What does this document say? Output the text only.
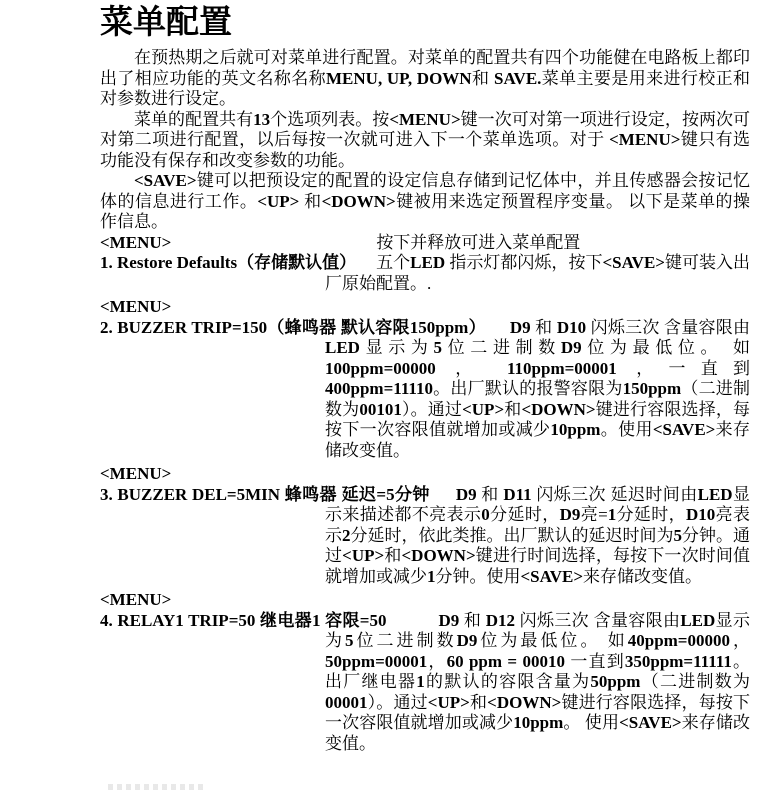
菜单配置

在预热期之后就可对菜单进行配置。对菜单的配置共有四个功能健在电路板上都印出了相应功能的英文名称名称MENU, UP, DOWN和 SAVE.菜单主要是用来进行校正和对参数进行设定。

菜单的配置共有13个选项列表。按<MENU>键一次可对第一项进行设定，按两次可对第二项进行配置，以后每按一次就可进入下一个菜单选项。对于 <MENU>键只有选功能没有保存和改变参数的功能。

<SAVE>键可以把预设定的配置的设定信息存储到记忆体中，并且传感器会按记忆体的信息进行工作。<UP> 和<DOWN>键被用来选定预置程序变量。 以下是菜单的操作信息。

<MENU>	按下并释放可进入菜单配置
1. Restore Defaults（存储默认值） 五个LED 指示灯都闪烁，按下<SAVE>键可装入出厂原始配置。.
<MENU>
2. BUZZER TRIP=150（蜂鸣器 默认容限150ppm） D9 和 D10 闪烁三次 含量容限由LED显示为5位二进制数D9位为最低位。 如100ppm=00000 ， 110ppm=00001 ，一直到400ppm=11110。出厂默认的报警容限为150ppm（二进制数为00101）。通过<UP>和<DOWN>键进行容限选择，每按下一次容限值就增加或减少10ppm。使用<SAVE>来存储改变值。
<MENU>
3. BUZZER DEL=5MIN 蜂鸣器 延迟=5分钟 D9 和 D11 闪烁三次 延迟时间由LED显示来描述都不亮表示0分延时，D9亮=1分延时，D10亮表示2分延时，依此类推。出厂默认的延迟时间为5分钟。通过<UP>和<DOWN>键进行时间选择，每按下一次时间值就增加或减少1分钟。使用<SAVE>来存储改变值。
<MENU>
4. RELAY1 TRIP=50 继电器1 容限=50	D9 和 D12 闪烁三次 含量容限由LED显示为5位二进制数D9位为最低位。 如40ppm=00000，50ppm=00001，60 ppm = 00010 一直到350ppm=11111。出厂继电器1的默认的容限含量为50ppm（二进制数为00001）。通过<UP>和<DOWN>键进行容限选择，每按下一次容限值就增加或减少10ppm。 使用<SAVE>来存储改变值。
